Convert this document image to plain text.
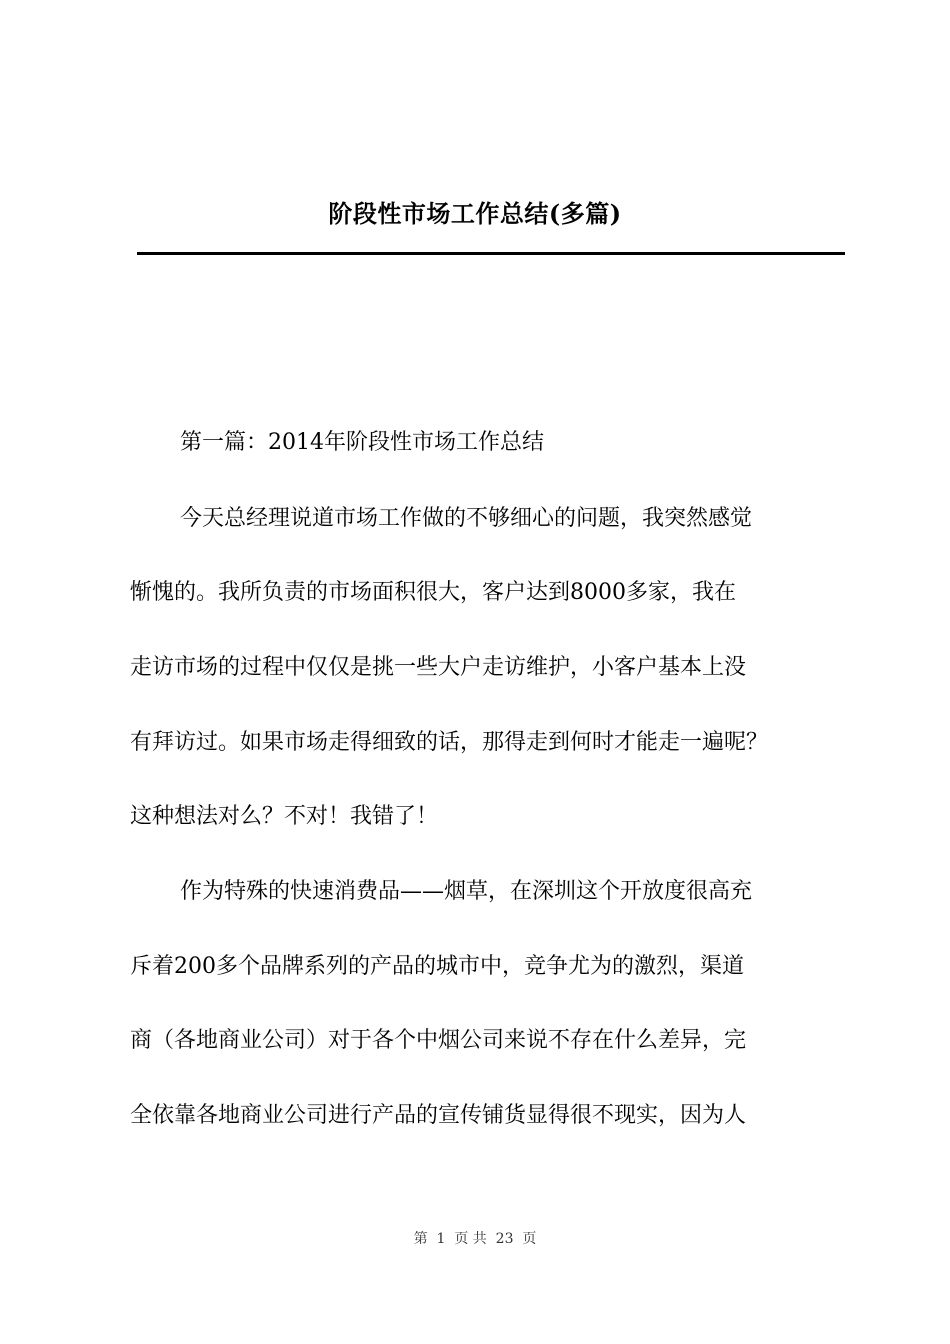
阶段性市场工作总结(多篇)
第一篇：2014年阶段性市场工作总结
今天总经理说道市场工作做的不够细心的问题，我突然感觉
惭愧的。我所负责的市场面积很大，客户达到8000多家，我在
走访市场的过程中仅仅是挑一些大户走访维护，小客户基本上没
有拜访过。如果市场走得细致的话，那得走到何时才能走一遍呢？
这种想法对么？不对！我错了！
作为特殊的快速消费品——烟草，在深圳这个开放度很高充
斥着200多个品牌系列的产品的城市中，竞争尤为的激烈，渠道
商（各地商业公司）对于各个中烟公司来说不存在什么差异，完
全依靠各地商业公司进行产品的宣传铺货显得很不现实，因为人
第  1  页 共  23  页
